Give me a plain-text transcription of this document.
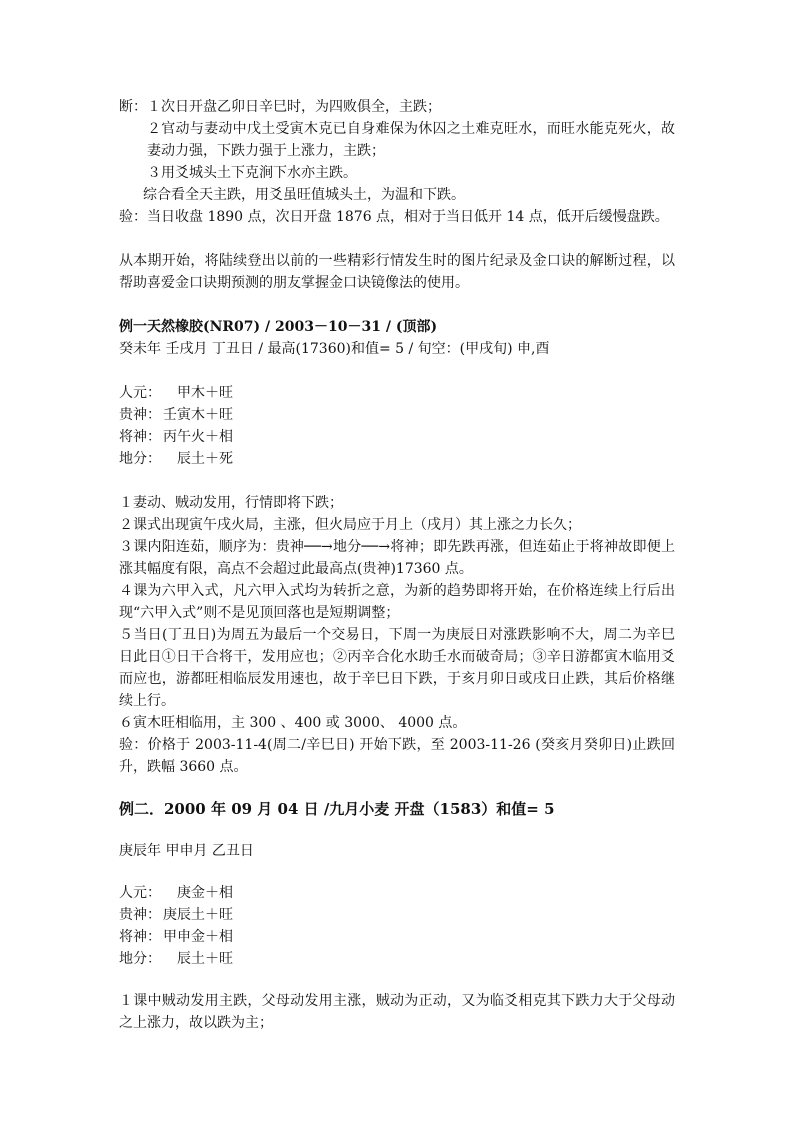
断：１次日开盘乙卯日辛巳时，为四败俱全，主跌；
２官动与妻动中戊土受寅木克已自身难保为休囚之土难克旺水，而旺水能克死火，故妻动力强，下跌力强于上涨力，主跌；
３用爻城头土下克涧下水亦主跌。
综合看全天主跌，用爻虽旺值城头土，为温和下跌。
验：当日收盘 1890 点，次日开盘 1876 点，相对于当日低开 14 点，低开后缓慢盘跌。
从本期开始，将陆续登出以前的一些精彩行情发生时的图片纪录及金口诀的解断过程，以帮助喜爱金口诀期预测的朋友掌握金口诀镜像法的使用。
例一天然橡胶(NR07) / 2003－10－31 / (顶部)
癸未年 壬戌月 丁丑日 / 最高(17360)和值= 5 / 旬空：(甲戌旬) 申,酉
人元： 甲木＋旺
贵神： 壬寅木＋旺
将神： 丙午火＋相
地分： 辰土＋死
１妻动、贼动发用，行情即将下跌；
２课式出现寅午戌火局，主涨，但火局应于月上（戌月）其上涨之力长久；
３课内阳连茹，顺序为：贵神──→地分──→将神；即先跌再涨，但连茹止于将神故即便上涨其幅度有限，高点不会超过此最高点(贵神)17360 点。
４课为六甲入式，凡六甲入式均为转折之意，为新的趋势即将开始，在价格连续上行后出现“六甲入式”则不是见顶回落也是短期调整；
５当日(丁丑日)为周五为最后一个交易日，下周一为庚辰日对涨跌影响不大，周二为辛巳日此日①日干合将干，发用应也；②丙辛合化水助壬水而破奇局；③辛日游都寅木临用爻而应也，游都旺相临辰发用速也，故于辛巳日下跌，于亥月卯日或戌日止跌，其后价格继续上行。
６寅木旺相临用，主 300 、400 或 3000、 4000 点。
验：价格于 2003-11-4(周二/辛巳日) 开始下跌，至 2003-11-26 (癸亥月癸卯日)止跌回升，跌幅 3660 点。
例二．2000 年 09 月 04 日 /九月小麦 开盘（1583）和值= 5
庚辰年 甲申月 乙丑日
人元： 庚金＋相
贵神： 庚辰土＋旺
将神： 甲申金＋相
地分： 辰土＋旺
１课中贼动发用主跌，父母动发用主涨，贼动为正动，又为临爻相克其下跌力大于父母动之上涨力，故以跌为主；
